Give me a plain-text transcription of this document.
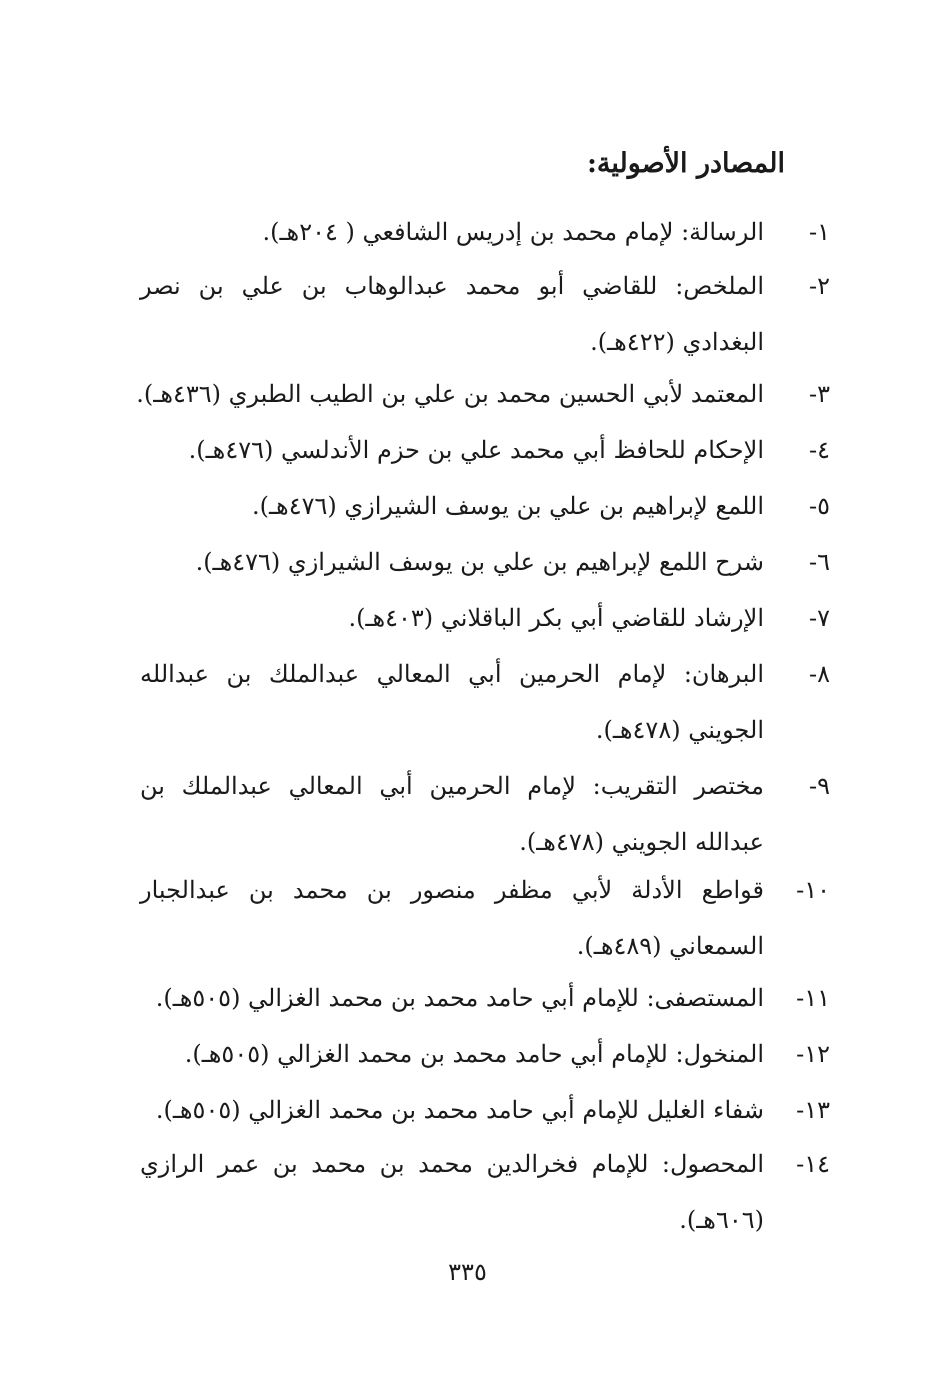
المصادر الأصولية:
١-
الرسالة: لإمام محمد بن إدريس الشافعي ( ٢٠٤هـ).
٢-
الملخص: للقاضي أبو محمد عبدالوهاب بن علي بن نصر البغدادي (٤٢٢هـ).
٣-
المعتمد لأبي الحسين محمد بن علي بن الطيب الطبري (٤٣٦هـ).
٤-
الإحكام للحافظ أبي محمد علي بن حزم الأندلسي (٤٧٦هـ).
٥-
اللمع لإبراهيم بن علي بن يوسف الشيرازي (٤٧٦هـ).
٦-
شرح اللمع لإبراهيم بن علي بن يوسف الشيرازي (٤٧٦هـ).
٧-
الإرشاد للقاضي أبي بكر الباقلاني (٤٠٣هـ).
٨-
البرهان: لإمام الحرمين أبي المعالي عبدالملك بن عبدالله الجويني (٤٧٨هـ).
٩-
مختصر التقريب: لإمام الحرمين أبي المعالي عبدالملك بن عبدالله الجويني (٤٧٨هـ).
١٠-
قواطع الأدلة لأبي مظفر منصور بن محمد بن عبدالجبار السمعاني (٤٨٩هـ).
١١-
المستصفى: للإمام أبي حامد محمد بن محمد الغزالي (٥٠٥هـ).
١٢-
المنخول: للإمام أبي حامد محمد بن محمد الغزالي (٥٠٥هـ).
١٣-
شفاء الغليل للإمام أبي حامد محمد بن محمد الغزالي (٥٠٥هـ).
١٤-
المحصول: للإمام فخرالدين محمد بن محمد بن عمر الرازي (٦٠٦هـ).
٣٣٥
